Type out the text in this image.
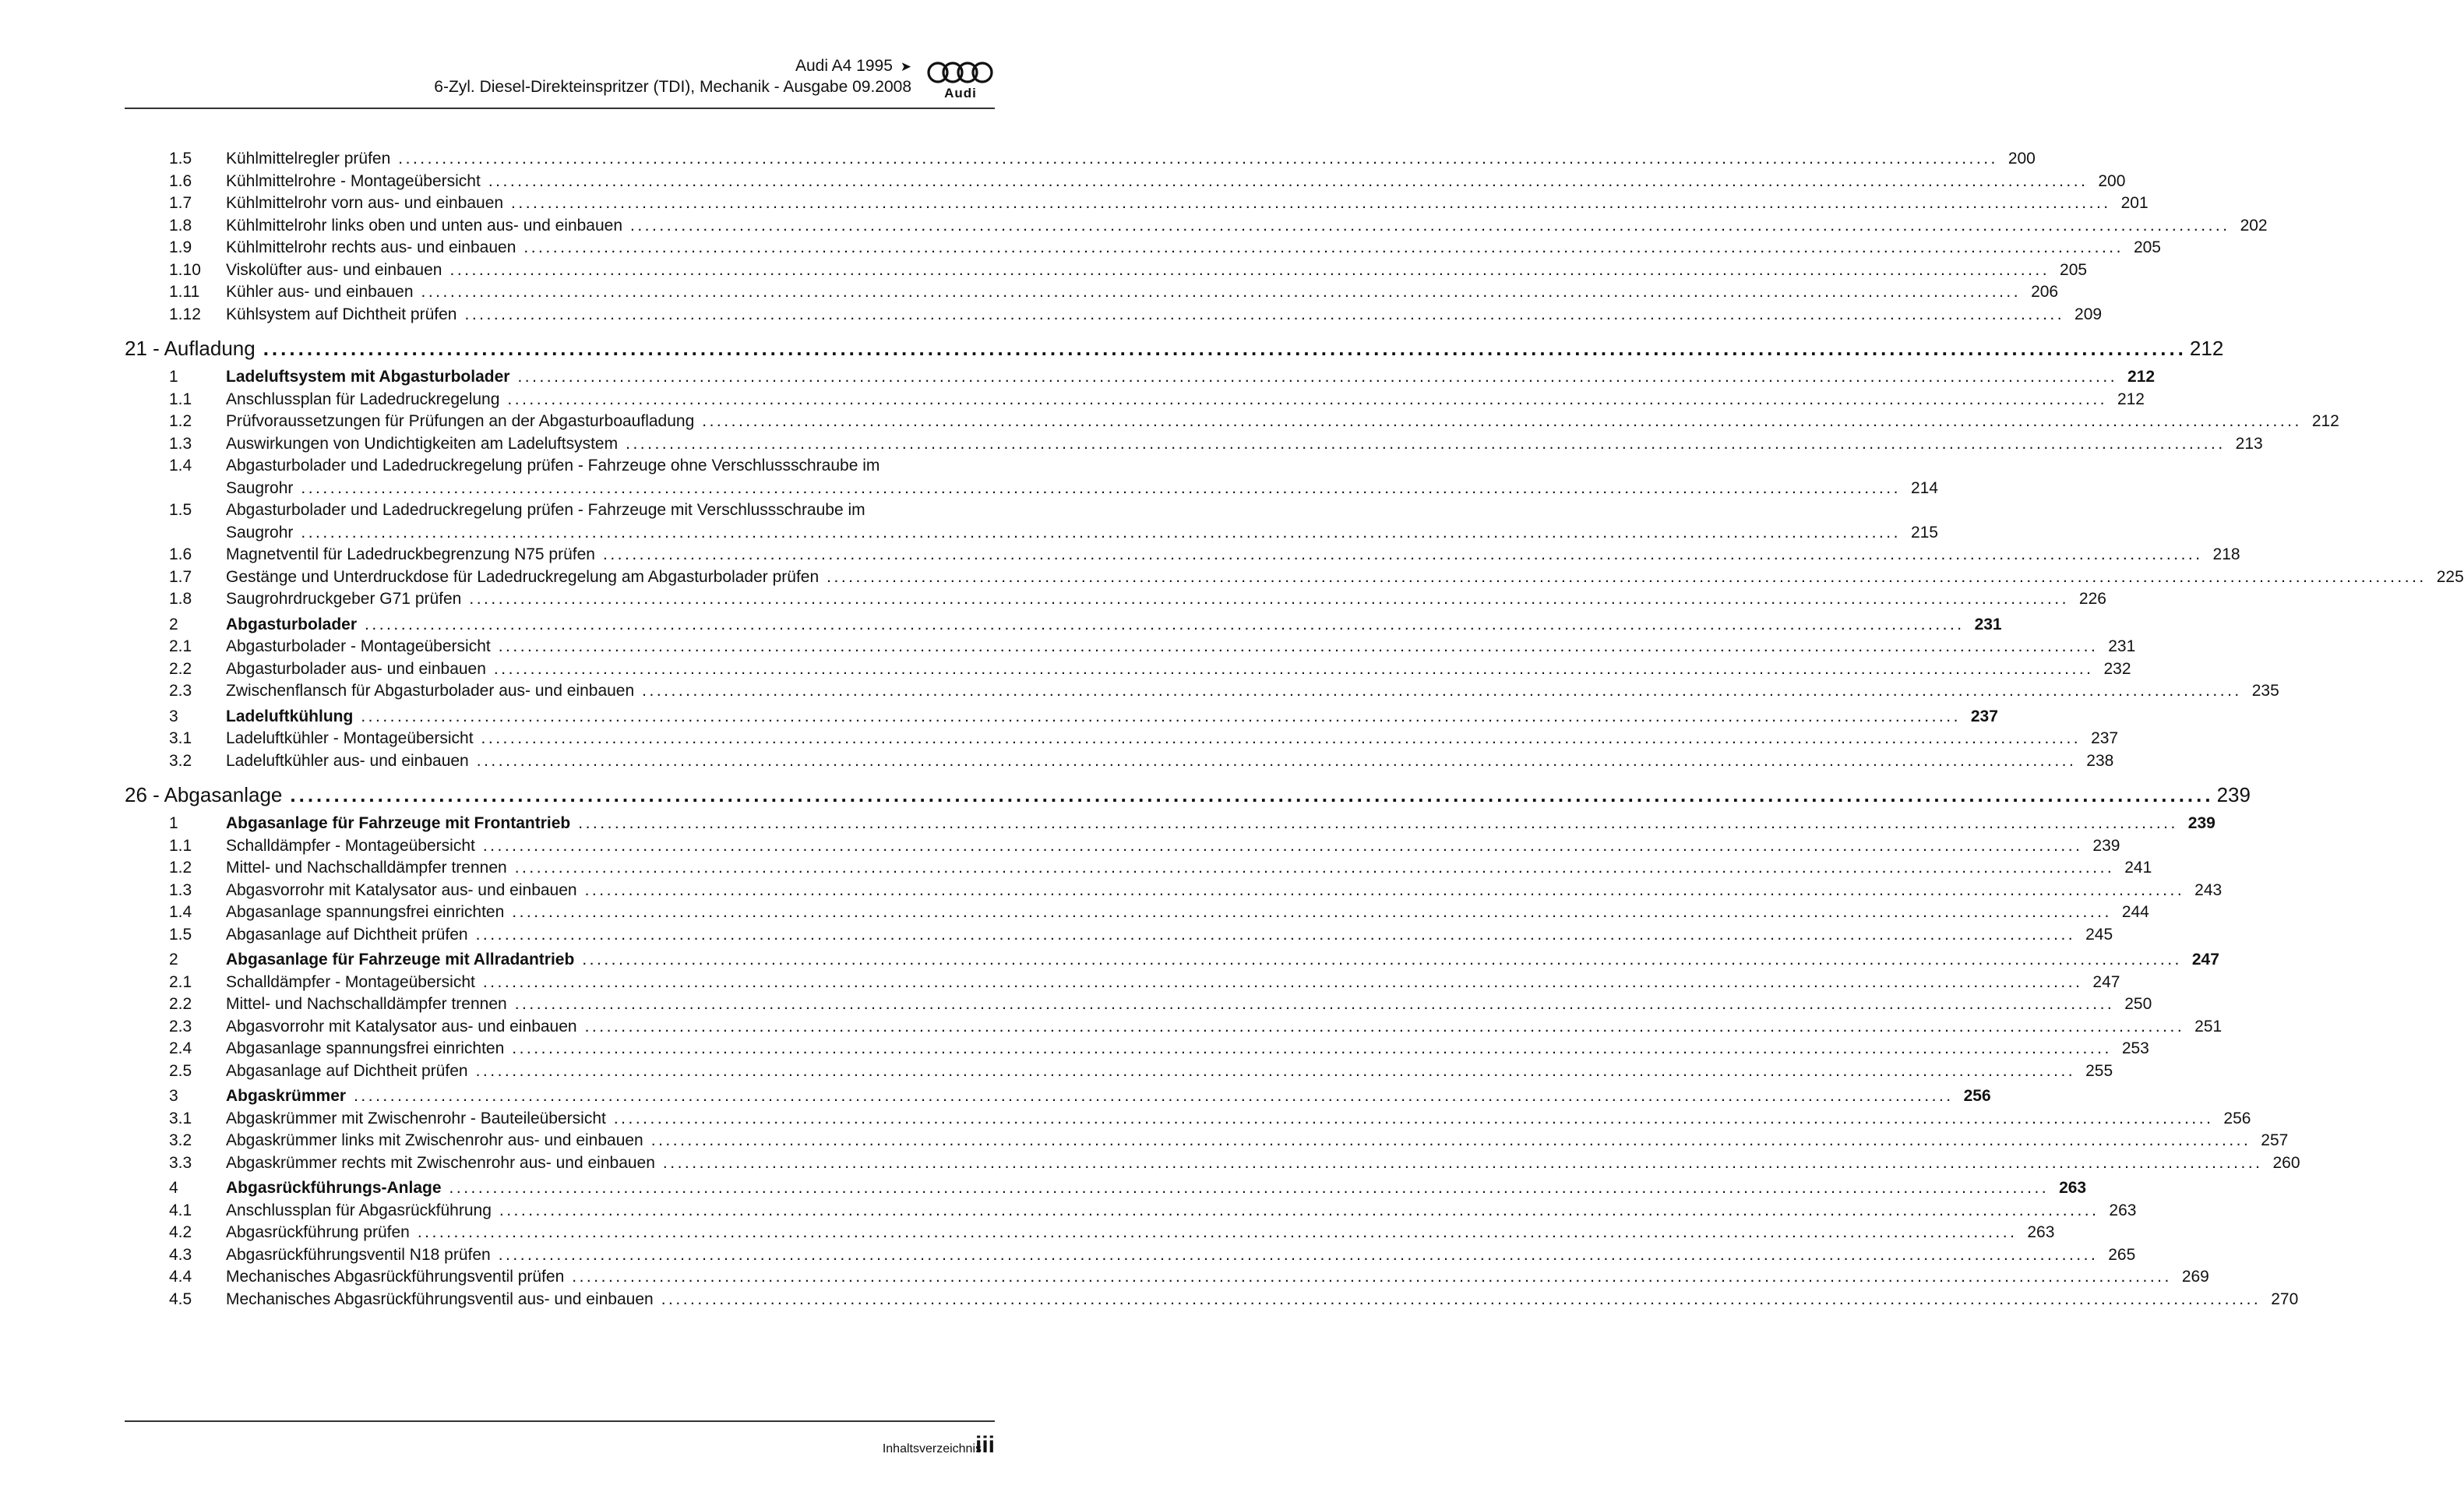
Audi A4 1995 ➤
6-Zyl. Diesel-Direkteinspritzer (TDI), Mechanik - Ausgabe 09.2008	Audi
1.5 Kühlmittelregler prüfen ............................................................................................................................................................................................................................ 200
1.6 Kühlmittelrohre - Montageübersicht ............................................................................................................................................................................................................................ 200
1.7 Kühlmittelrohr vorn aus- und einbauen ............................................................................................................................................................................................................................ 201
1.8 Kühlmittelrohr links oben und unten aus- und einbauen ............................................................................................................................................................................................................................ 202
1.9 Kühlmittelrohr rechts aus- und einbauen ............................................................................................................................................................................................................................ 205
1.10 Viskolüfter aus- und einbauen ............................................................................................................................................................................................................................ 205
1.11 Kühler aus- und einbauen ............................................................................................................................................................................................................................ 206
1.12 Kühlsystem auf Dichtheit prüfen ............................................................................................................................................................................................................................ 209
21 - Aufladung ............................................................................................................................................................................................................................ 212
1	Ladeluftsystem mit Abgasturbolader ............................................................................................................................................................................................................................ 212
1.1 Anschlussplan für Ladedruckregelung ............................................................................................................................................................................................................................ 212
1.2 Prüfvoraussetzungen für Prüfungen an der Abgasturboaufladung ............................................................................................................................................................................................................................ 212
1.3 Auswirkungen von Undichtigkeiten am Ladeluftsystem ............................................................................................................................................................................................................................ 213
1.4 Abgasturbolader und Ladedruckregelung prüfen - Fahrzeuge ohne Verschlussschraube im
Saugrohr ............................................................................................................................................................................................................................ 214
1.5 Abgasturbolader und Ladedruckregelung prüfen - Fahrzeuge mit Verschlussschraube im
Saugrohr ............................................................................................................................................................................................................................ 215
1.6 Magnetventil für Ladedruckbegrenzung N75 prüfen ............................................................................................................................................................................................................................ 218
1.7 Gestänge und Unterdruckdose für Ladedruckregelung am Abgasturbolader prüfen ............................................................................................................................................................................................................................ 225
1.8 Saugrohrdruckgeber G71 prüfen ............................................................................................................................................................................................................................ 226
2	Abgasturbolader ............................................................................................................................................................................................................................ 231
2.1 Abgasturbolader - Montageübersicht ............................................................................................................................................................................................................................ 231
2.2 Abgasturbolader aus- und einbauen ............................................................................................................................................................................................................................ 232
2.3 Zwischenflansch für Abgasturbolader aus- und einbauen ............................................................................................................................................................................................................................ 235
3	Ladeluftkühlung ............................................................................................................................................................................................................................ 237
3.1 Ladeluftkühler - Montageübersicht ............................................................................................................................................................................................................................ 237
3.2 Ladeluftkühler aus- und einbauen ............................................................................................................................................................................................................................ 238
26 - Abgasanlage ............................................................................................................................................................................................................................ 239
1	Abgasanlage für Fahrzeuge mit Frontantrieb ............................................................................................................................................................................................................................ 239
1.1 Schalldämpfer - Montageübersicht ............................................................................................................................................................................................................................ 239
1.2 Mittel- und Nachschalldämpfer trennen ............................................................................................................................................................................................................................ 241
1.3 Abgasvorrohr mit Katalysator aus- und einbauen ............................................................................................................................................................................................................................ 243
1.4 Abgasanlage spannungsfrei einrichten ............................................................................................................................................................................................................................ 244
1.5 Abgasanlage auf Dichtheit prüfen ............................................................................................................................................................................................................................ 245
2	Abgasanlage für Fahrzeuge mit Allradantrieb ............................................................................................................................................................................................................................ 247
2.1 Schalldämpfer - Montageübersicht ............................................................................................................................................................................................................................ 247
2.2 Mittel- und Nachschalldämpfer trennen ............................................................................................................................................................................................................................ 250
2.3 Abgasvorrohr mit Katalysator aus- und einbauen ............................................................................................................................................................................................................................ 251
2.4 Abgasanlage spannungsfrei einrichten ............................................................................................................................................................................................................................ 253
2.5 Abgasanlage auf Dichtheit prüfen ............................................................................................................................................................................................................................ 255
3	Abgaskrümmer ............................................................................................................................................................................................................................ 256
3.1 Abgaskrümmer mit Zwischenrohr - Bauteileübersicht ............................................................................................................................................................................................................................ 256
3.2 Abgaskrümmer links mit Zwischenrohr aus- und einbauen ............................................................................................................................................................................................................................ 257
3.3 Abgaskrümmer rechts mit Zwischenrohr aus- und einbauen ............................................................................................................................................................................................................................ 260
4	Abgasrückführungs-Anlage ............................................................................................................................................................................................................................ 263
4.1 Anschlussplan für Abgasrückführung ............................................................................................................................................................................................................................ 263
4.2 Abgasrückführung prüfen ............................................................................................................................................................................................................................ 263
4.3 Abgasrückführungsventil N18 prüfen ............................................................................................................................................................................................................................ 265
4.4 Mechanisches Abgasrückführungsventil prüfen ............................................................................................................................................................................................................................ 269
4.5 Mechanisches Abgasrückführungsventil aus- und einbauen ............................................................................................................................................................................................................................ 270
Inhaltsverzeichnis
iii
